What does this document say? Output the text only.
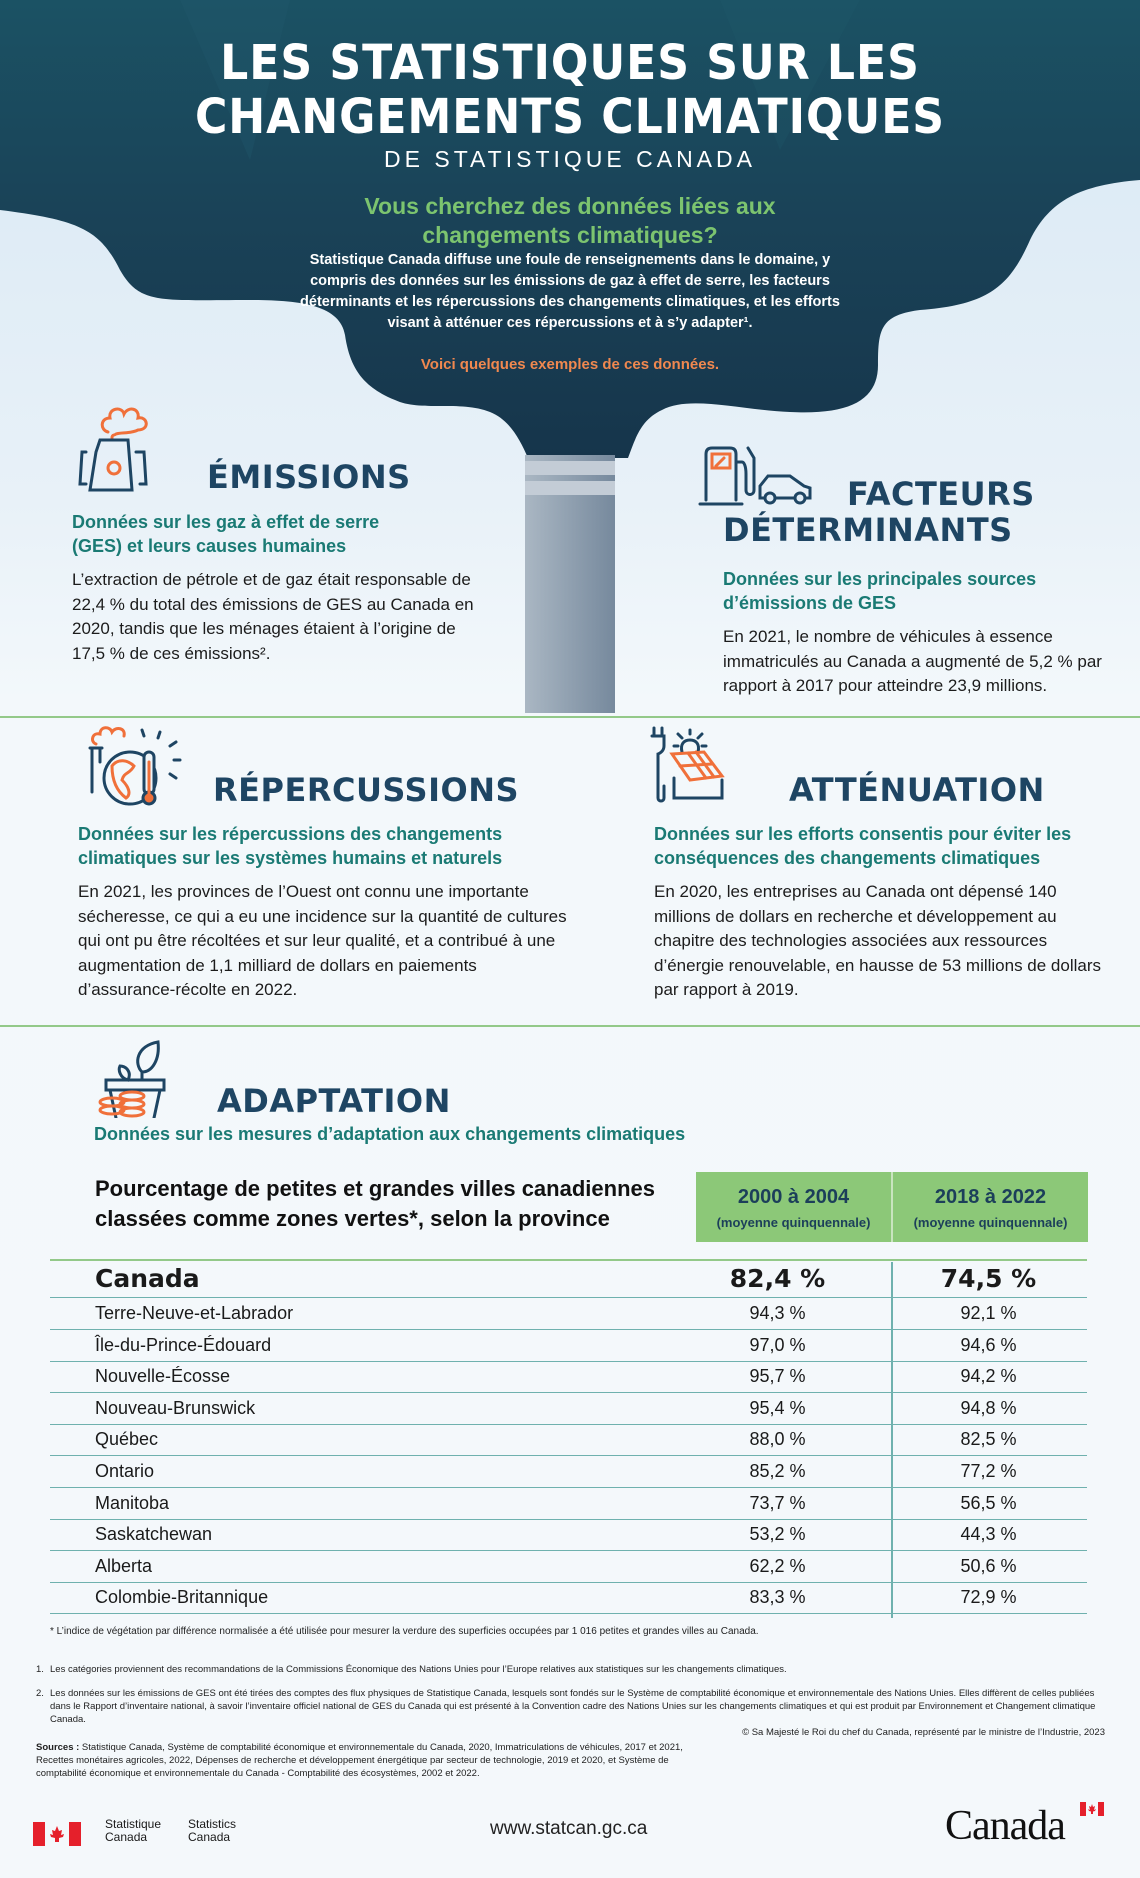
LES STATISTIQUES SUR LES
CHANGEMENTS CLIMATIQUES
DE STATISTIQUE CANADA
Vous cherchez des données liées aux changements climatiques?
Statistique Canada diffuse une foule de renseignements dans le domaine, y compris des données sur les émissions de gaz à effet de serre, les facteurs déterminants et les répercussions des changements climatiques, et les efforts visant à atténuer ces répercussions et à s’y adapter¹.
Voici quelques exemples de ces données.
ÉMISSIONS
Données sur les gaz à effet de serre (GES) et leurs causes humaines
L’extraction de pétrole et de gaz était responsable de 22,4 % du total des émissions de GES au Canada en 2020, tandis que les ménages étaient à l’origine de 17,5 % de ces émissions².
FACTEURS
DÉTERMINANTS
Données sur les principales sources d’émissions de GES
En 2021, le nombre de véhicules à essence immatriculés au Canada a augmenté de 5,2 % par rapport à 2017 pour atteindre 23,9 millions.
RÉPERCUSSIONS
Données sur les répercussions des changements climatiques sur les systèmes humains et naturels
En 2021, les provinces de l’Ouest ont connu une importante sécheresse, ce qui a eu une incidence sur la quantité de cultures qui ont pu être récoltées et sur leur qualité, et a contribué à une augmentation de 1,1 milliard de dollars en paiements d’assurance-récolte en 2022.
ATTÉNUATION
Données sur les efforts consentis pour éviter les conséquences des changements climatiques
En 2020, les entreprises au Canada ont dépensé 140 millions de dollars en recherche et développement au chapitre des technologies associées aux ressources d’énergie renouvelable, en hausse de 53 millions de dollars par rapport à 2019.
ADAPTATION
Données sur les mesures d’adaptation aux changements climatiques
Pourcentage de petites et grandes villes canadiennes classées comme zones vertes*, selon la province
2000 à 2004
(moyenne quinquennale)
2018 à 2022
(moyenne quinquennale)
Canada	82,4 %	74,5 %
Terre-Neuve-et-Labrador	94,3 %	92,1 %
Île-du-Prince-Édouard	97,0 %	94,6 %
Nouvelle-Écosse	95,7 %	94,2 %
Nouveau-Brunswick	95,4 %	94,8 %
Québec	88,0 %	82,5 %
Ontario	85,2 %	77,2 %
Manitoba	73,7 %	56,5 %
Saskatchewan	53,2 %	44,3 %
Alberta	62,2 %	50,6 %
Colombie-Britannique	83,3 %	72,9 %
* L’indice de végétation par différence normalisée a été utilisée pour mesurer la verdure des superficies occupées par 1 016 petites et grandes villes au Canada.
1. Les catégories proviennent des recommandations de la Commissions Économique des Nations Unies pour l’Europe relatives aux statistiques sur les changements climatiques.
2. Les données sur les émissions de GES ont été tirées des comptes des flux physiques de Statistique Canada, lesquels sont fondés sur le Système de comptabilité économique et environnementale des Nations Unies. Elles diffèrent de celles publiées dans le Rapport d’inventaire national, à savoir l’inventaire officiel national de GES du Canada qui est présenté à la Convention cadre des Nations Unies sur les changements climatiques et qui est produit par Environnement et Changement climatique Canada.
© Sa Majesté le Roi du chef du Canada, représenté par le ministre de l’Industrie, 2023
Sources : Statistique Canada, Système de comptabilité économique et environnementale du Canada, 2020, Immatriculations de véhicules, 2017 et 2021, Recettes monétaires agricoles, 2022, Dépenses de recherche et développement énergétique par secteur de technologie, 2019 et 2020, et Système de comptabilité économique et environnementale du Canada - Comptabilité des écosystèmes, 2002 et 2022.
Statistique
Canada
Statistics
Canada	www.statcan.gc.ca	Canada
